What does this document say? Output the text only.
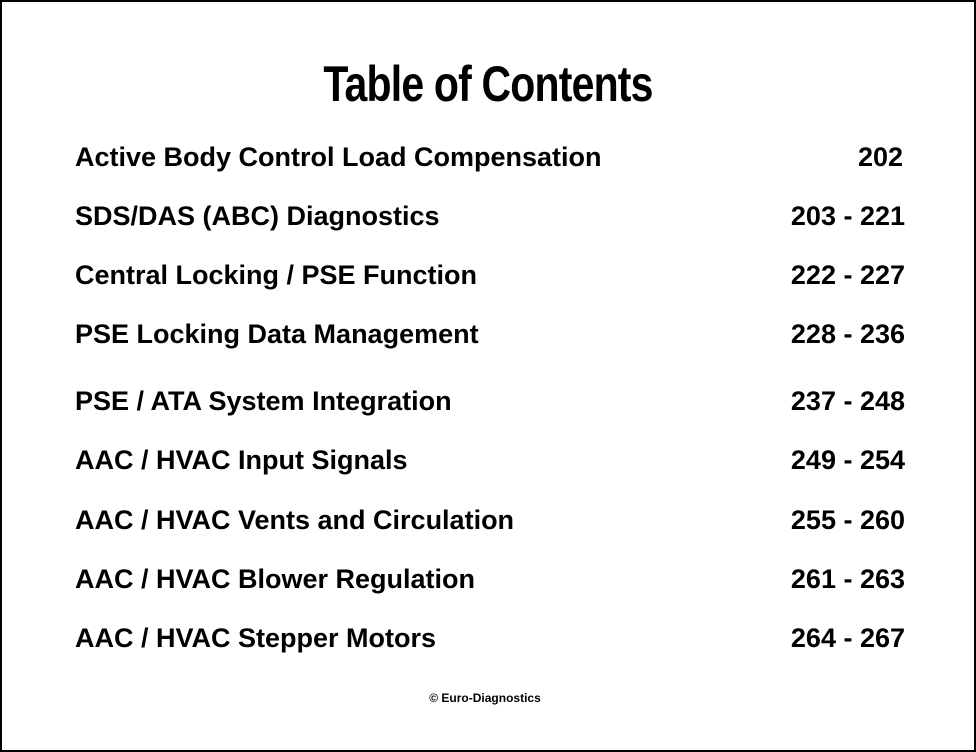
Table of Contents
Active Body Control Load Compensation	202
SDS/DAS (ABC) Diagnostics	203 - 221
Central Locking / PSE Function	222 - 227
PSE Locking Data Management	228 - 236
PSE / ATA System Integration	237 - 248
AAC / HVAC Input Signals	249 - 254
AAC / HVAC Vents and Circulation	255 - 260
AAC / HVAC Blower Regulation	261 - 263
AAC / HVAC Stepper Motors	264 - 267
© Euro-Diagnostics
